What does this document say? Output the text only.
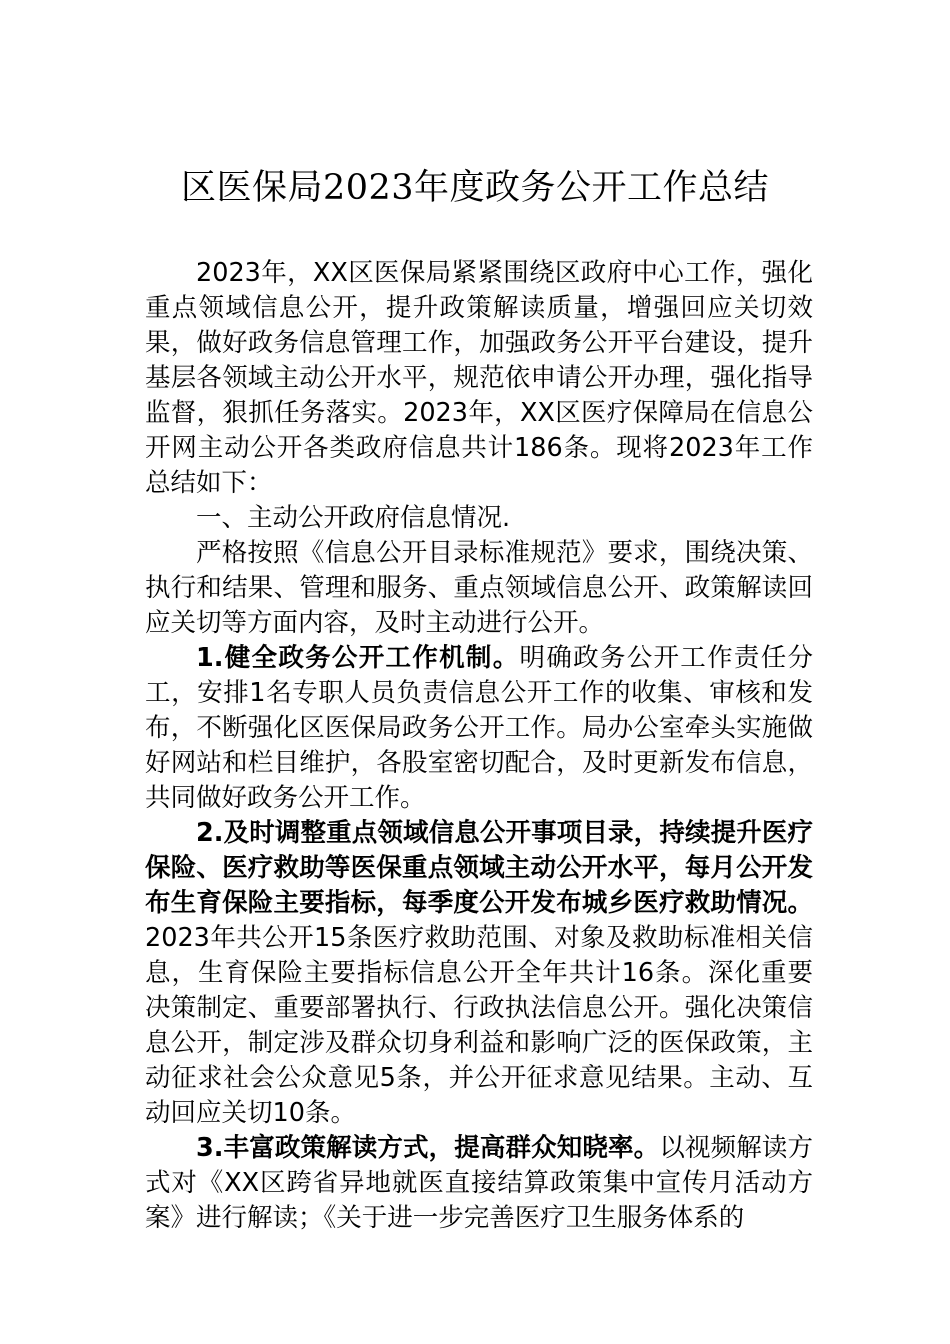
区医保局2023年度政务公开工作总结

2023年，XX区医保局紧紧围绕区政府中心工作，强化重点领域信息公开，提升政策解读质量，增强回应关切效果，做好政务信息管理工作，加强政务公开平台建设，提升基层各领域主动公开水平，规范依申请公开办理，强化指导监督，狠抓任务落实。2023年，XX区医疗保障局在信息公开网主动公开各类政府信息共计186条。现将2023年工作总结如下：

一、主动公开政府信息情况.

严格按照《信息公开目录标准规范》要求，围绕决策、执行和结果、管理和服务、重点领域信息公开、政策解读回应关切等方面内容，及时主动进行公开。

1.健全政务公开工作机制。明确政务公开工作责任分工，安排1名专职人员负责信息公开工作的收集、审核和发布，不断强化区医保局政务公开工作。局办公室牵头实施做好网站和栏目维护，各股室密切配合，及时更新发布信息，共同做好政务公开工作。

2.及时调整重点领域信息公开事项目录，持续提升医疗保险、医疗救助等医保重点领域主动公开水平，每月公开发布生育保险主要指标，每季度公开发布城乡医疗救助情况。2023年共公开15条医疗救助范围、对象及救助标准相关信息，生育保险主要指标信息公开全年共计16条。深化重要决策制定、重要部署执行、行政执法信息公开。强化决策信息公开，制定涉及群众切身利益和影响广泛的医保政策，主动征求社会公众意见5条，并公开征求意见结果。主动、互动回应关切10条。

3.丰富政策解读方式，提高群众知晓率。以视频解读方式对《XX区跨省异地就医直接结算政策集中宣传月活动方案》进行解读；《关于进一步完善医疗卫生服务体系的
